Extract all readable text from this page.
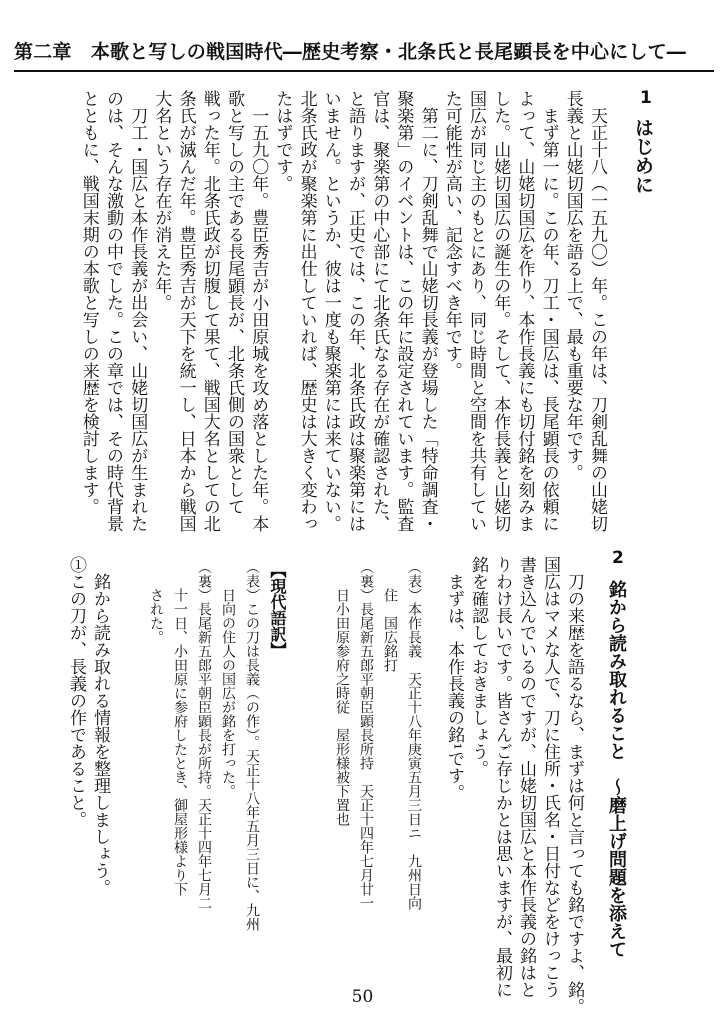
第二章　本歌と写しの戦国時代―歴史考察・北条氏と長尾顕長を中心にして―
1
はじめに
　天正十八（一五九〇）年。この年は、刀剣乱舞の山姥切
長義と山姥切国広を語る上で、最も重要な年です。
　まず第一に。この年、刀工・国広は、長尾顕長の依頼に
よって、山姥切国広を作り、本作長義にも切付銘を刻みま
した。山姥切国広の誕生の年。そして、本作長義と山姥切
国広が同じ主のもとにあり、同じ時間と空間を共有してい
た可能性が高い、記念すべき年です。
　第二に、刀剣乱舞で山姥切長義が登場した「特命調査・
聚楽第」のイベントは、この年に設定されています。監査
官は、聚楽第の中心部にて北条氏なる存在が確認された、
と語りますが、正史では、この年、北条氏政は聚楽第には
いません。というか、彼は一度も聚楽第には来ていない。
北条氏政が聚楽第に出仕していれば、歴史は大きく変わっ
たはずです。
　一五九〇年。豊臣秀吉が小田原城を攻め落とした年。本
歌と写しの主である長尾顕長が、北条氏側の国衆として
戦った年。北条氏政が切腹して果て、戦国大名としての北
条氏が滅んだ年。豊臣秀吉が天下を統一し、日本から戦国
大名という存在が消えた年。
　刀工・国広と本作長義が出会い、山姥切国広が生まれた
のは、そんな激動の中でした。この章では、その時代背景
とともに、戦国末期の本歌と写しの来歴を検討します。
2
銘から読み取れること　～磨上げ問題を添えて
　刀の来歴を語るなら、まずは何と言っても銘ですよ、銘。
国広はマメな人で、刀に住所・氏名・日付などをけっこう
書き込んでいるのですが、山姥切国広と本作長義の銘はと
りわけ長いです。皆さんご存じかとは思いますが、最初に
銘を確認しておきましょう。
　まずは、本作長義の銘¹です。
（表）本作長義　天正十八年庚寅五月三日ニ　九州日向
　　住　国広銘打
（裏）長尾新五郎平朝臣顕長所持　天正十四年七月廿一
　　日小田原参府之時従　屋形様被下置也
【現代語訳】
（表）この刀は長義（の作）。天正十八年五月三日に、九州
　　日向の住人の国広が銘を打った。
（裏）長尾新五郎平朝臣顕長が所持。天正十四年七月二
　　十一日、小田原に参府したとき、御屋形様より下
　　された。
　銘から読み取れる情報を整理しましょう。
①この刀が、長義の作であること。
50
